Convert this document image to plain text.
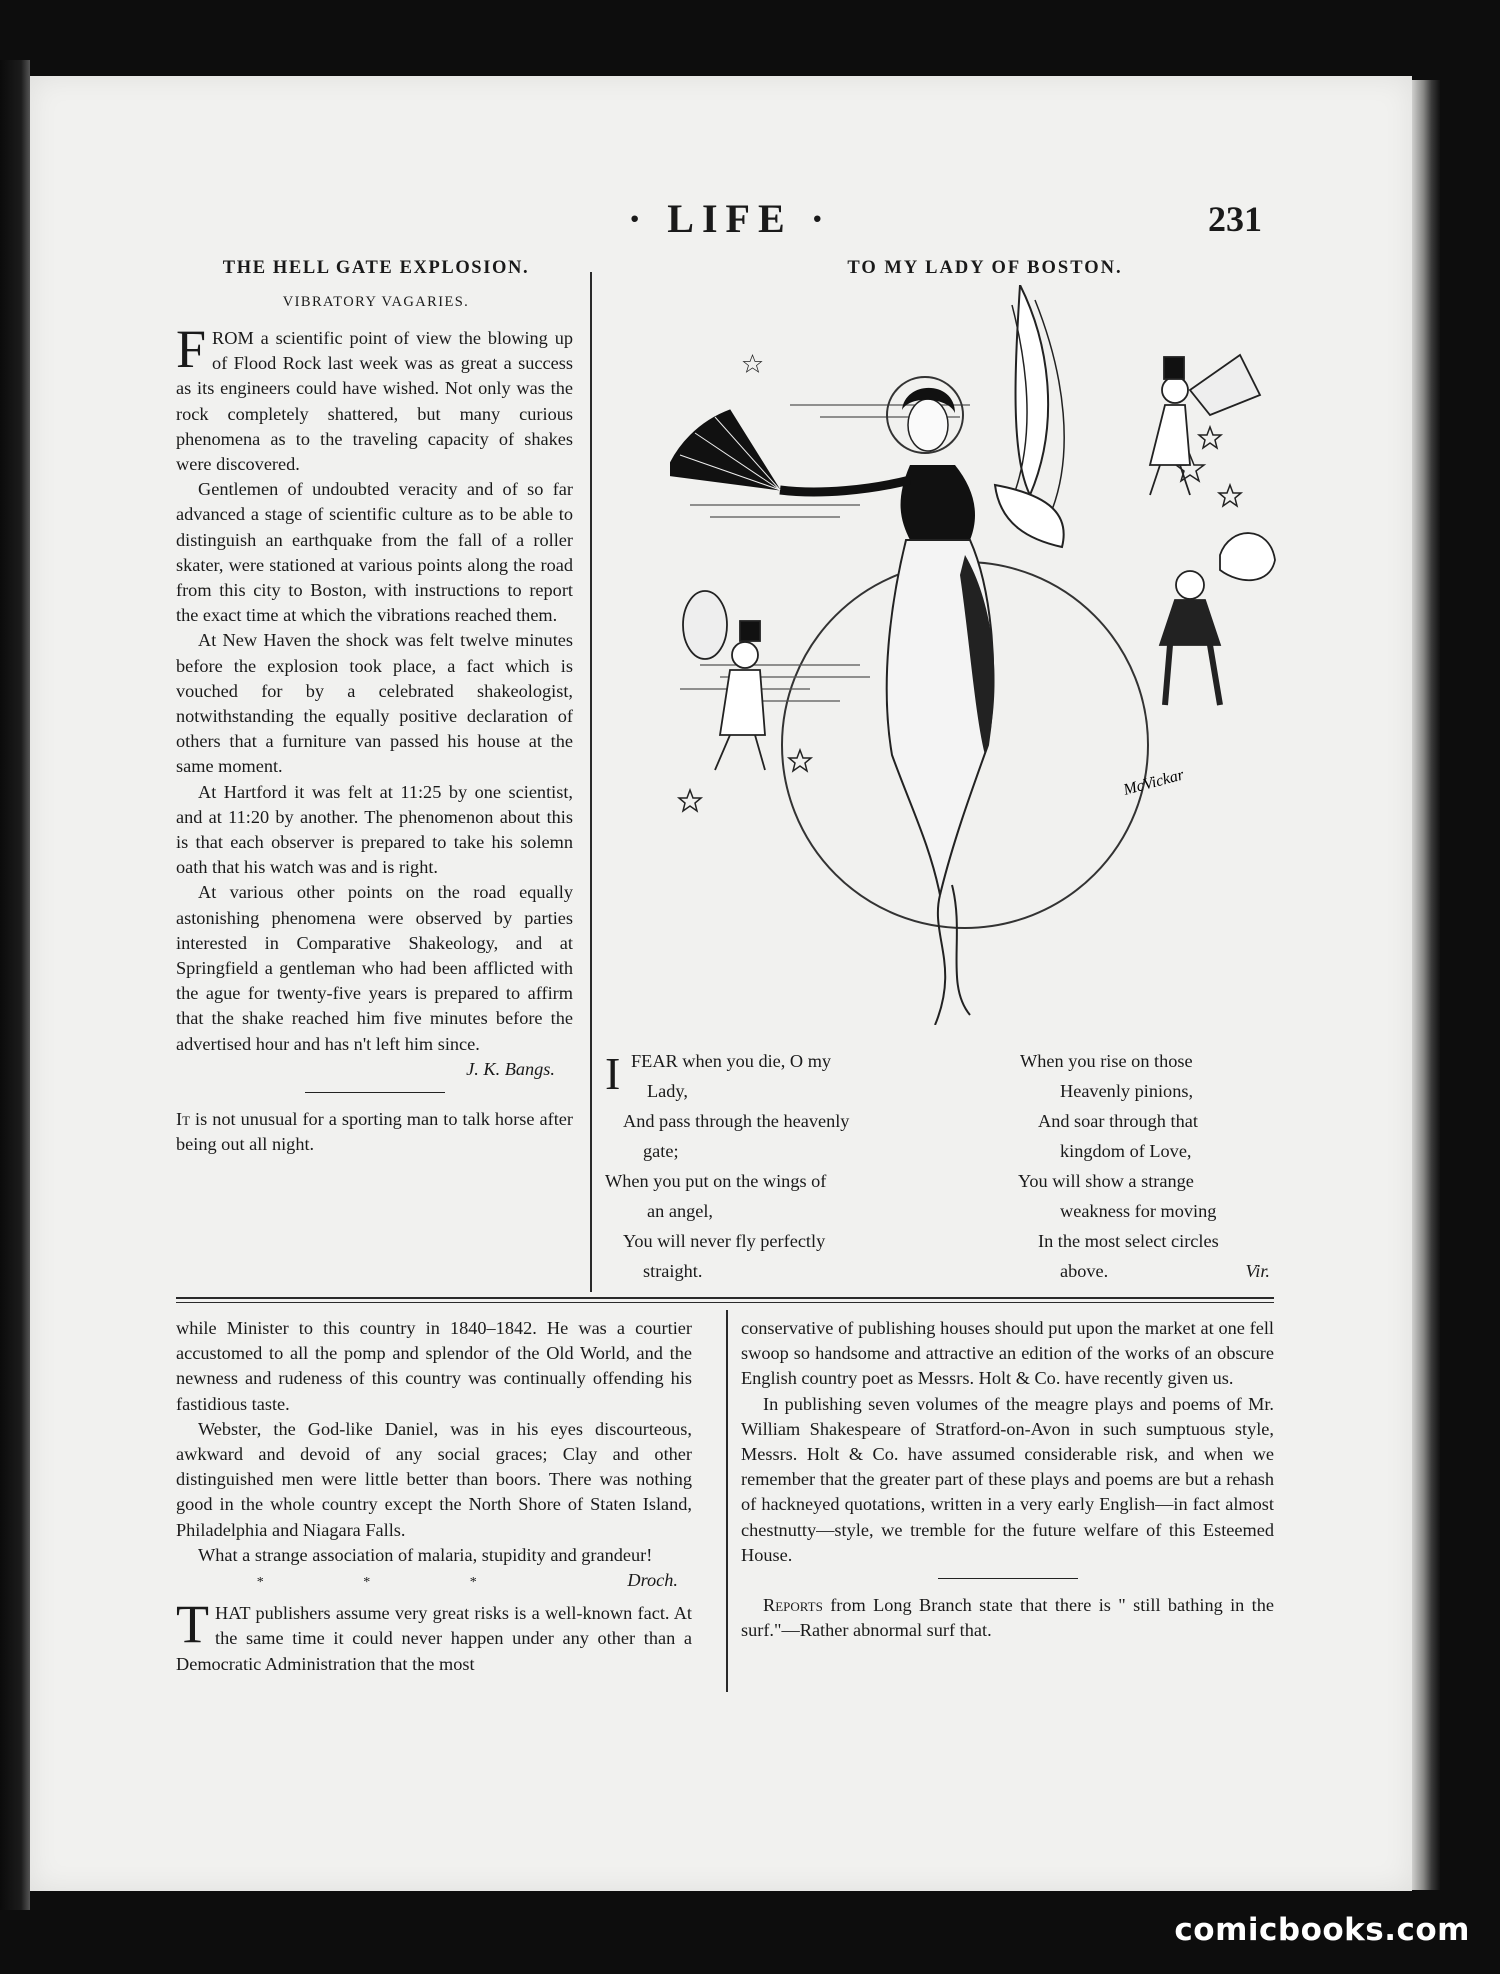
· LIFE ·	231
THE HELL GATE EXPLOSION.
VIBRATORY VAGARIES.

FROM a scientific point of view the blowing up of Flood Rock last week was as great a success as its engineers could have wished. Not only was the rock completely shattered, but many curious phenomena as to the traveling capacity of shakes were discovered.

Gentlemen of undoubted veracity and of so far advanced a stage of scientific culture as to be able to distinguish an earthquake from the fall of a roller skater, were stationed at various points along the road from this city to Boston, with instructions to report the exact time at which the vibrations reached them.

At New Haven the shock was felt twelve minutes before the explosion took place, a fact which is vouched for by a celebrated shakeologist, notwithstanding the equally positive declaration of others that a furniture van passed his house at the same moment.

At Hartford it was felt at 11:25 by one scientist, and at 11:20 by another. The phenomenon about this is that each observer is prepared to take his solemn oath that his watch was and is right.

At various other points on the road equally astonishing phenomena were observed by parties interested in Comparative Shakeology, and at Springfield a gentleman who had been afflicted with the ague for twenty-five years is prepared to affirm that the shake reached him five minutes before the advertised hour and has n't left him since.

J. K. Bangs.

It is not unusual for a sporting man to talk horse after being out all night.

TO MY LADY OF BOSTON.
McVickar
I FEAR when you die, O my
Lady,
And pass through the heavenly
gate;
When you put on the wings of
an angel,
You will never fly perfectly
straight.
When you rise on those
Heavenly pinions,
And soar through that
kingdom of Love,
You will show a strange
weakness for moving
In the most select circles
above.	Vir.

while Minister to this country in 1840–1842. He was a courtier accustomed to all the pomp and splendor of the Old World, and the newness and rudeness of this country was continually offending his fastidious taste.

Webster, the God-like Daniel, was in his eyes discourteous, awkward and devoid of any social graces; Clay and other distinguished men were little better than boors. There was nothing good in the whole country except the North Shore of Staten Island, Philadelphia and Niagara Falls.

What a strange association of malaria, stupidity and grandeur!
Droch.

* * *

THAT publishers assume very great risks is a well-known fact. At the same time it could never happen under any other than a Democratic Administration that the most

conservative of publishing houses should put upon the market at one fell swoop so handsome and attractive an edition of the works of an obscure English country poet as Messrs. Holt & Co. have recently given us.

In publishing seven volumes of the meagre plays and poems of Mr. William Shakespeare of Stratford-on-Avon in such sumptuous style, Messrs. Holt & Co. have assumed considerable risk, and when we remember that the greater part of these plays and poems are but a rehash of hackneyed quotations, written in a very early English—in fact almost chestnutty—style, we tremble for the future welfare of this Esteemed House.

Reports from Long Branch state that there is " still bathing in the surf."—Rather abnormal surf that.

comicbooks.com
